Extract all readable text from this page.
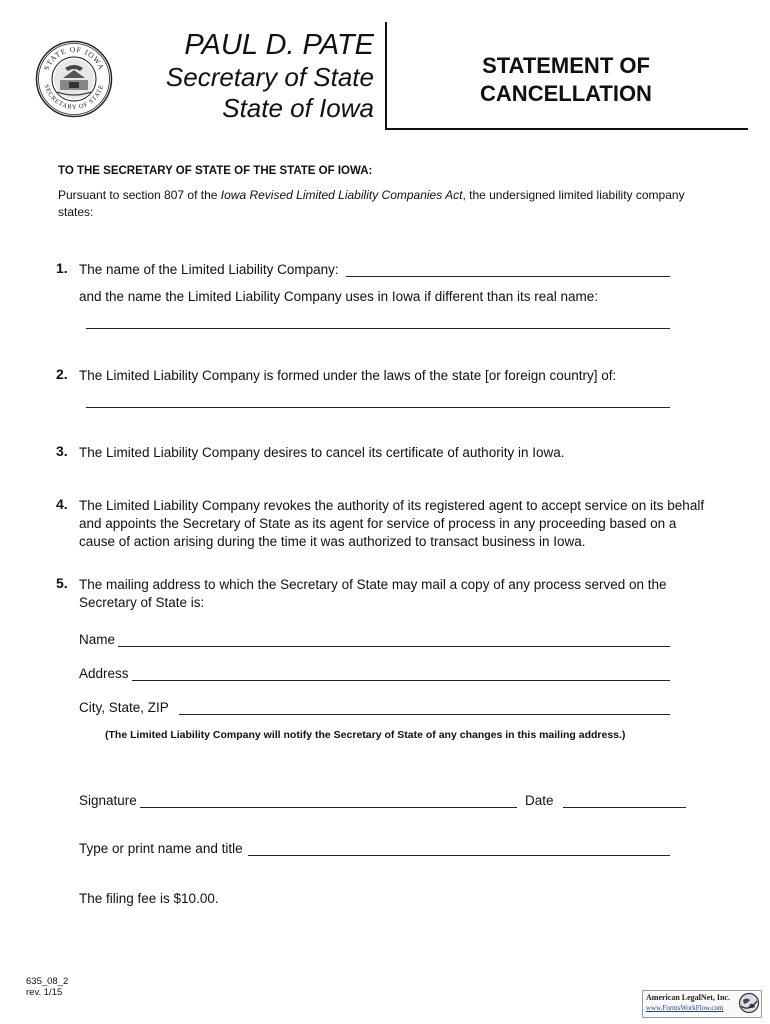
STATE OF IOWA
SECRETARY OF STATE
PAUL D. PATE
Secretary of State
State of Iowa
STATEMENT OF
CANCELLATION
TO THE SECRETARY OF STATE OF THE STATE OF IOWA:
Pursuant to section 807 of the Iowa Revised Limited Liability Companies Act, the undersigned limited liability company states:
1. The name of the Limited Liability Company:
and the name the Limited Liability Company uses in Iowa if different than its real name:
2. The Limited Liability Company is formed under the laws of the state [or foreign country] of:
3. The Limited Liability Company desires to cancel its certificate of authority in Iowa.
4. The Limited Liability Company revokes the authority of its registered agent to accept service on its behalf and appoints the Secretary of State as its agent for service of process in any proceeding based on a cause of action arising during the time it was authorized to transact business in Iowa.
5. The mailing address to which the Secretary of State may mail a copy of any process served on the Secretary of State is:
Name
Address
City, State, ZIP
(The Limited Liability Company will notify the Secretary of State of any changes in this mailing address.)
Signature	Date
Type or print name and title
The filing fee is $10.00.
635_08_2
rev. 1/15	American LegalNet, Inc.
www.FormsWorkFlow.com
